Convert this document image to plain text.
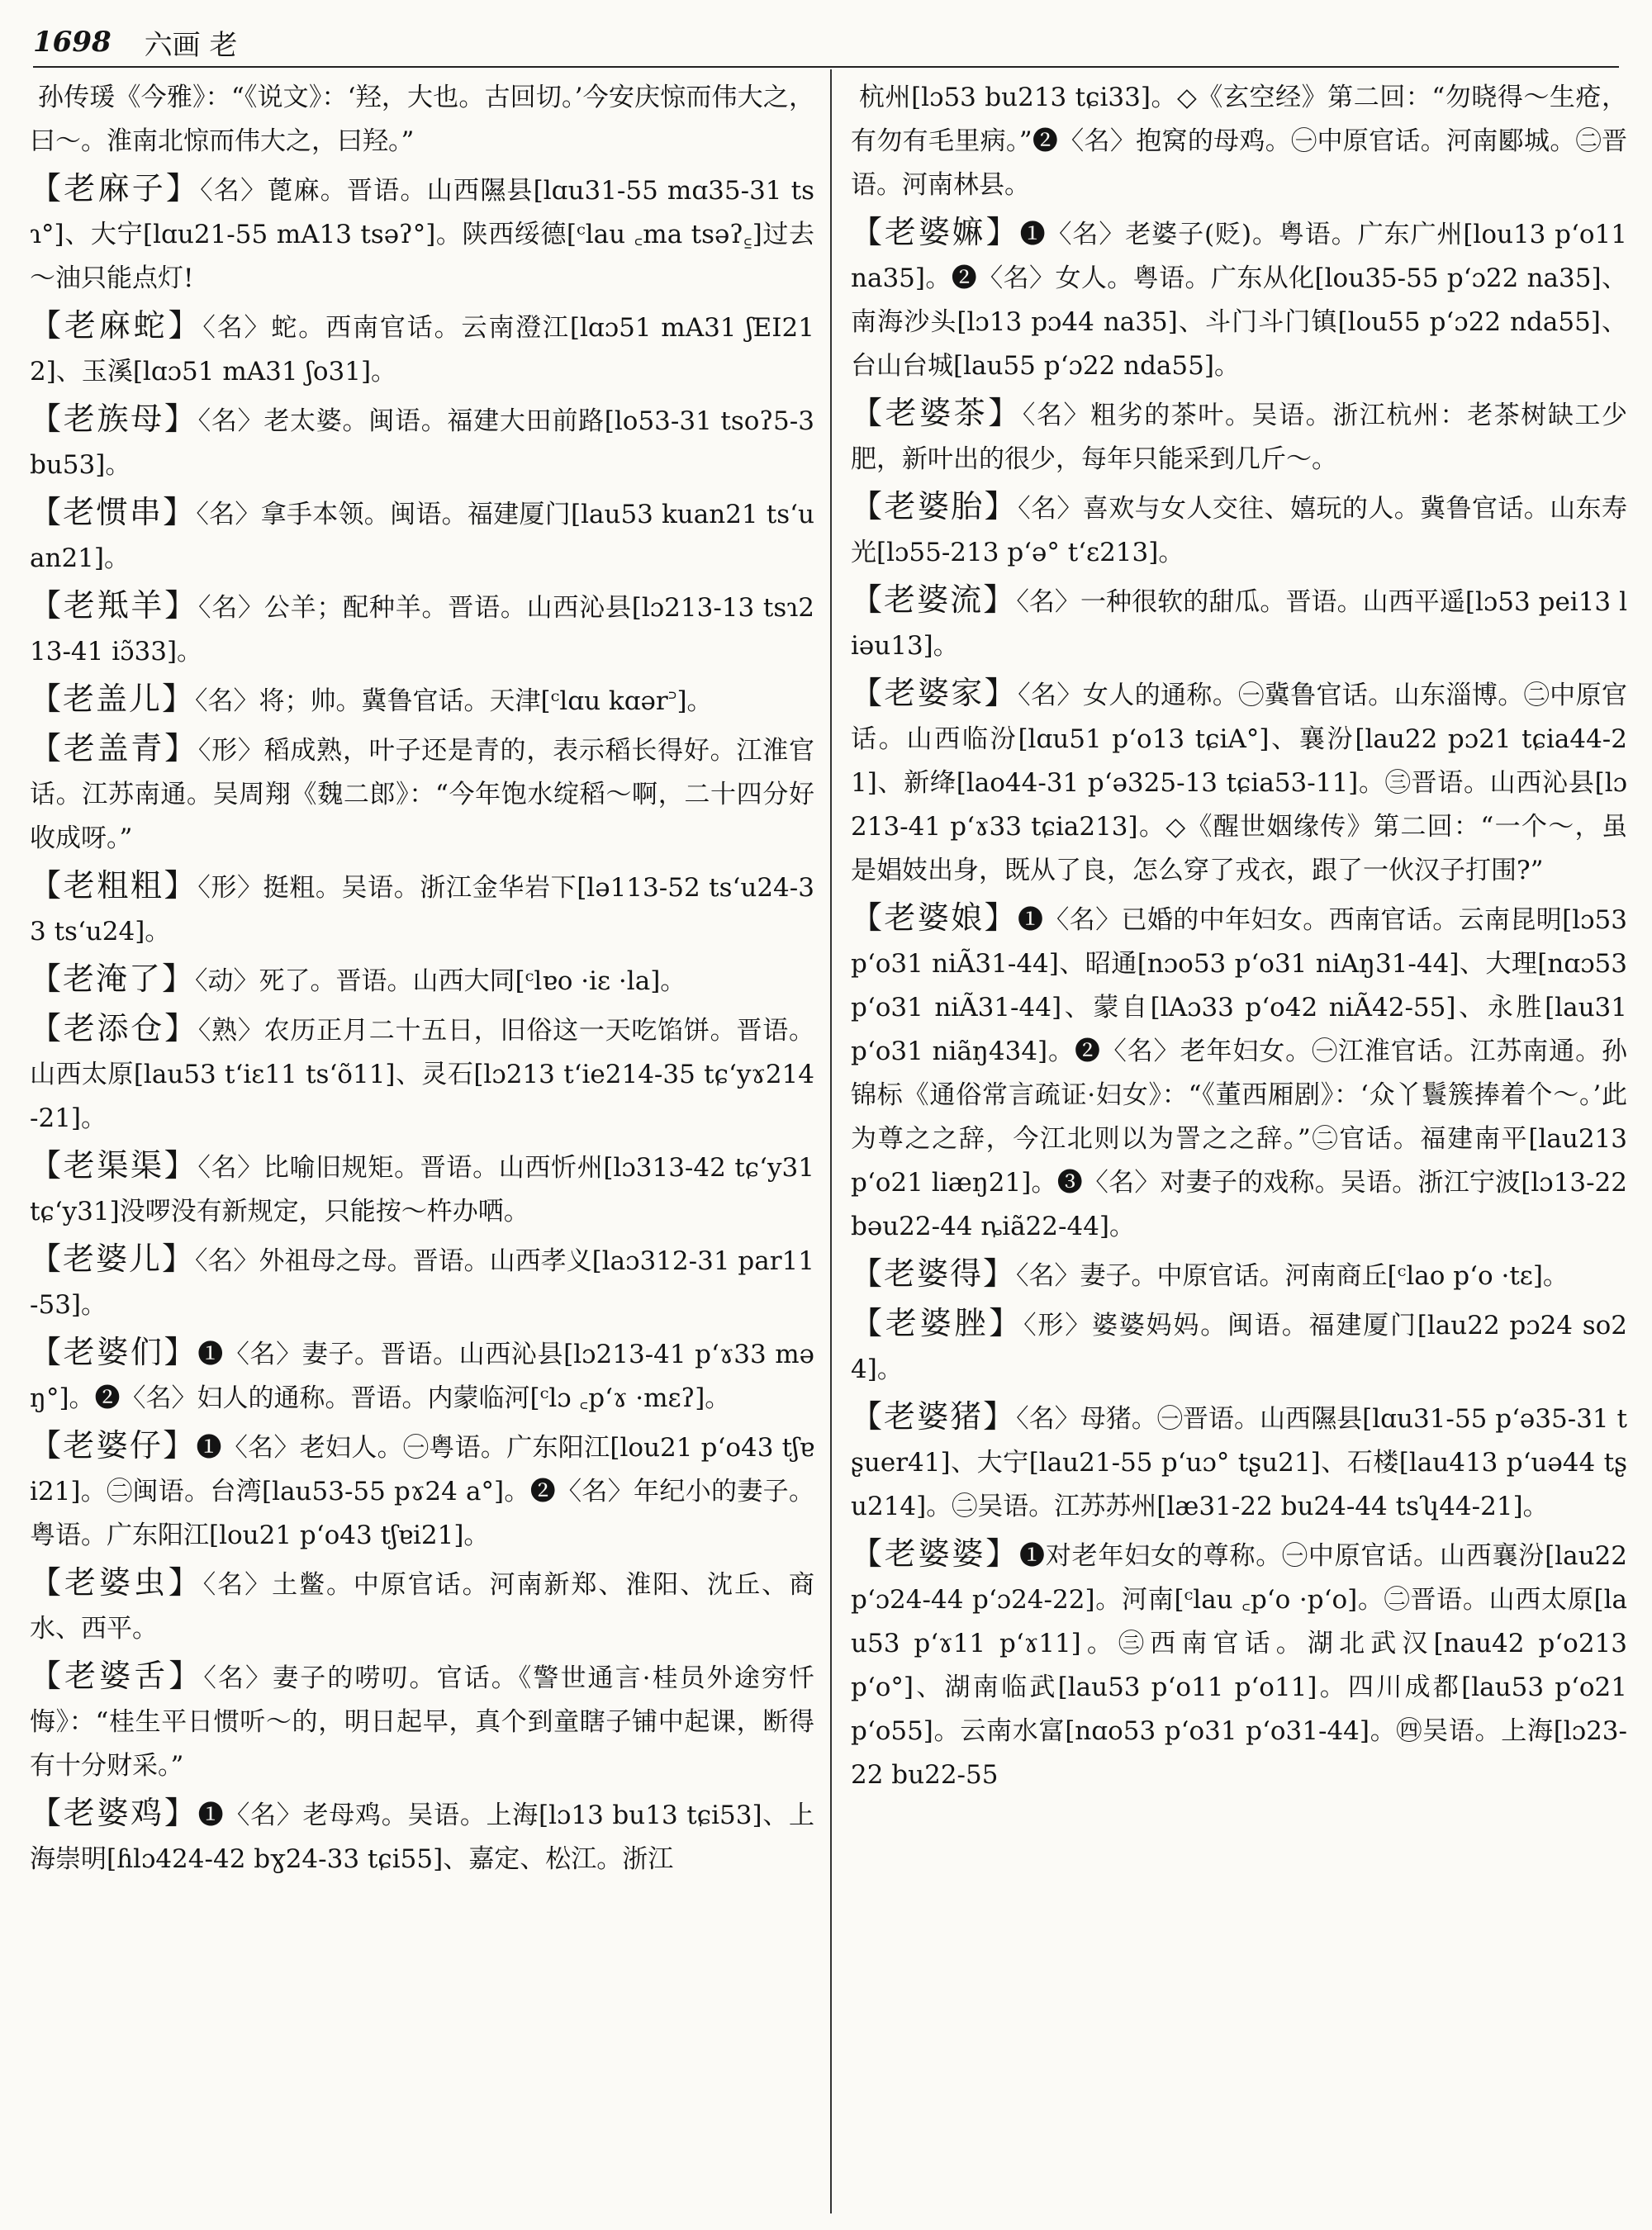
1698 六画 老

孙传瑗《今雅》：“《说文》：‘羟，大也。古回切。’今安庆惊而伟大之，曰～。淮南北惊而伟大之，曰羟。”

【老麻子】〈名〉蓖麻。晋语。山西隰县[lɑu31-55 mɑ35-31 tsɿ°]、大宁[lɑu21-55 mA13 tsəʔ°]。陕西绥德[ᶜlau ꜀ma tsəʔ꜁]过去～油只能点灯!

【老麻蛇】〈名〉蛇。西南官话。云南澄江[lɑɔ51 mA31 ʃEI212]、玉溪[lɑɔ51 mA31 ʃo31]。

【老族母】〈名〉老太婆。闽语。福建大田前路[lo53-31 tsoʔ5-3 bu53]。

【老惯串】〈名〉拿手本领。闽语。福建厦门[lau53 kuan21 ts‘uan21]。

【老羝羊】〈名〉公羊；配种羊。晋语。山西沁县[lɔ213-13 tsɿ213-41 iɔ̃33]。

【老盖儿】〈名〉将；帅。冀鲁官话。天津[ᶜlɑu kɑər꜄]。

【老盖青】〈形〉稻成熟，叶子还是青的，表示稻长得好。江淮官话。江苏南通。吴周翔《魏二郎》：“今年饱水绽稻～啊，二十四分好收成呀。”

【老粗粗】〈形〉挺粗。吴语。浙江金华岩下[lə113-52 ts‘u24-33 ts‘u24]。

【老淹了】〈动〉死了。晋语。山西大同[ᶜlɐo ·iɛ ·la]。

【老添仓】〈熟〉农历正月二十五日，旧俗这一天吃馅饼。晋语。山西太原[lau53 t‘iɛ11 ts‘õ11]、灵石[lɔ213 t‘ie214-35 tɕ‘yɤ214-21]。

【老渠渠】〈名〉比喻旧规矩。晋语。山西忻州[lɔ313-42 tɕ‘y31 tɕ‘y31]没啰没有新规定，只能按～杵办哂。

【老婆儿】〈名〉外祖母之母。晋语。山西孝义[laɔ312-31 par11-53]。

【老婆们】❶〈名〉妻子。晋语。山西沁县[lɔ213-41 p‘ɤ33 məŋ°]。❷〈名〉妇人的通称。晋语。内蒙临河[ᶜlɔ ꜀p‘ɤ ·mɛʔ]。

【老婆仔】❶〈名〉老妇人。㊀粤语。广东阳江[lou21 p‘o43 tʃɐi21]。㊁闽语。台湾[lau53-55 pɤ24 a°]。❷〈名〉年纪小的妻子。粤语。广东阳江[lou21 p‘o43 tʃɐi21]。

【老婆虫】〈名〉土鳖。中原官话。河南新郑、淮阳、沈丘、商水、西平。

【老婆舌】〈名〉妻子的唠叨。官话。《警世通言·桂员外途穷忏悔》：“桂生平日惯听～的，明日起早，真个到童瞎子铺中起课，断得有十分财采。”

【老婆鸡】❶〈名〉老母鸡。吴语。上海[lɔ13 bu13 tɕi53]、上海崇明[ɦlɔ424-42 bɣ24-33 tɕi55]、嘉定、松江。浙江

杭州[lɔ53 bu213 tɕi33]。◇《玄空经》第二回：“勿晓得～生疮，有勿有毛里病。”❷〈名〉抱窝的母鸡。㊀中原官话。河南郾城。㊁晋语。河南林县。

【老婆嫲】❶〈名〉老婆子(贬)。粤语。广东广州[lou13 p‘o11 na35]。❷〈名〉女人。粤语。广东从化[lou35-55 p‘ɔ22 na35]、南海沙头[lɔ13 pɔ44 na35]、斗门斗门镇[lou55 p‘ɔ22 nda55]、台山台城[lau55 p‘ɔ22 nda55]。

【老婆茶】〈名〉粗劣的茶叶。吴语。浙江杭州：老茶树缺工少肥，新叶出的很少，每年只能采到几斤～。

【老婆胎】〈名〉喜欢与女人交往、嬉玩的人。冀鲁官话。山东寿光[lɔ55-213 p‘ə° t‘ɛ213]。

【老婆流】〈名〉一种很软的甜瓜。晋语。山西平遥[lɔ53 pei13 liəu13]。

【老婆家】〈名〉女人的通称。㊀冀鲁官话。山东淄博。㊁中原官话。山西临汾[lɑu51 p‘o13 tɕiA°]、襄汾[lau22 pɔ21 tɕia44-21]、新绛[lao44-31 p‘ə325-13 tɕia53-11]。㊂晋语。山西沁县[lɔ213-41 p‘ɤ33 tɕia213]。◇《醒世姻缘传》第二回：“一个～，虽是娼妓出身，既从了良，怎么穿了戎衣，跟了一伙汉子打围?”

【老婆娘】❶〈名〉已婚的中年妇女。西南官话。云南昆明[lɔ53 p‘o31 niÃ31-44]、昭通[nɔo53 p‘o31 niAŋ31-44]、大理[nɑɔ53 p‘o31 niÃ31-44]、蒙自[lAɔ33 p‘o42 niÃ42-55]、永胜[lau31 p‘o31 niãŋ434]。❷〈名〉老年妇女。㊀江淮官话。江苏南通。孙锦标《通俗常言疏证·妇女》：“《董西厢剧》：‘众丫鬟簇捧着个～。’此为尊之之辞，今江北则以为詈之之辞。”㊁官话。福建南平[lau213 p‘o21 liæŋ21]。❸〈名〉对妻子的戏称。吴语。浙江宁波[lɔ13-22 bəu22-44 ȵiã22-44]。

【老婆得】〈名〉妻子。中原官话。河南商丘[ᶜlao p‘o ·tɛ]。

【老婆脞】〈形〉婆婆妈妈。闽语。福建厦门[lau22 pɔ24 so24]。

【老婆猪】〈名〉母猪。㊀晋语。山西隰县[lɑu31-55 p‘ə35-31 tʂuer41]、大宁[lau21-55 p‘uɔ° tʂu21]、石楼[lau413 p‘uə44 tʂu214]。㊁吴语。江苏苏州[læ31-22 bu24-44 tsʮ44-21]。

【老婆婆】❶对老年妇女的尊称。㊀中原官话。山西襄汾[lau22 p‘ɔ24-44 p‘ɔ24-22]。河南[ᶜlau ꜀p‘o ·p‘o]。㊁晋语。山西太原[lau53 p‘ɤ11 p‘ɤ11]。㊂西南官话。湖北武汉[nau42 p‘o213 p‘o°]、湖南临武[lau53 p‘o11 p‘o11]。四川成都[lau53 p‘o21 p‘o55]。云南水富[nɑo53 p‘o31 p‘o31-44]。㊃吴语。上海[lɔ23-22 bu22-55
